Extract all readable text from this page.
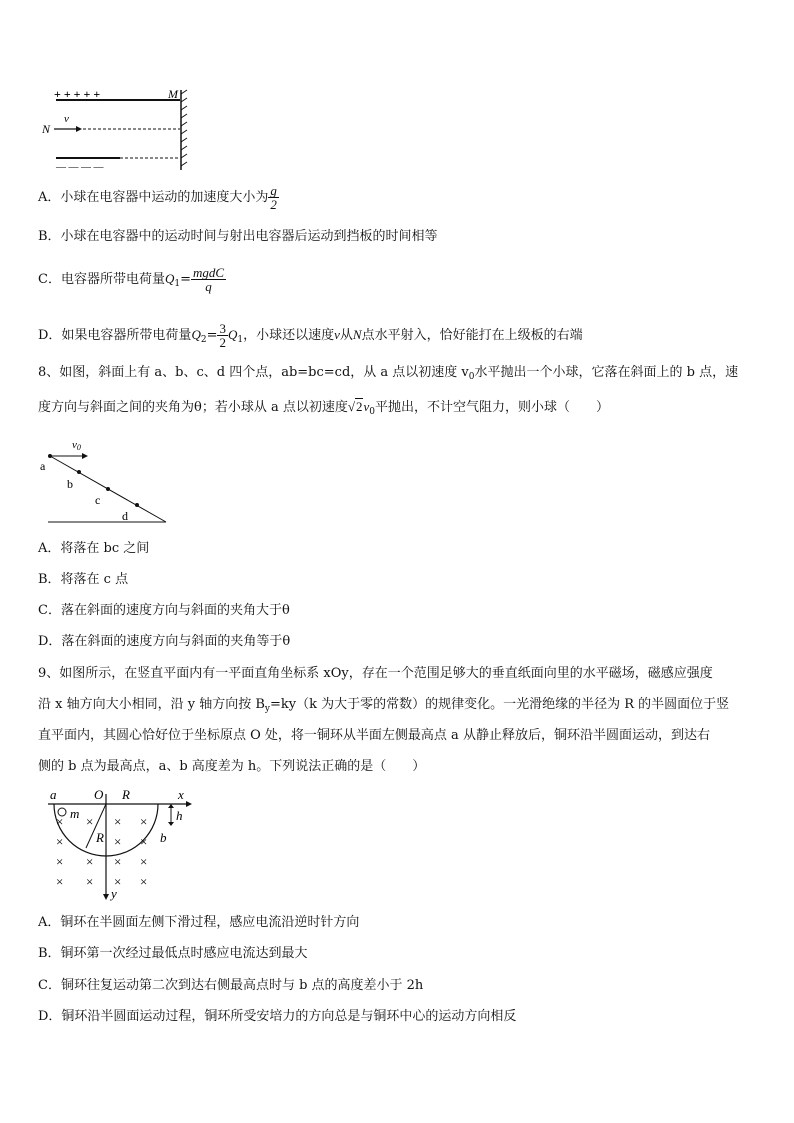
+ + + + +
— — — —
M
N
v
A．小球在电容器中运动的加速度大小为 $\frac{g}{2}$
B．小球在电容器中的运动时间与射出电容器后运动到挡板的时间相等
C．电容器所带电荷量$Q_1= \frac{\text{mgdC}}{q}$
D．如果电容器所带电荷量$Q_2= \frac{3}{2} Q_1$，小球还以速度v从N点水平射入，恰好能打在上级板的右端
8、如图，斜面上有 a、b、c、d 四个点，ab=bc=cd，从 a 点以初速度 $v_0$水平抛出一个小球，它落在斜面上的 b 点，速
度方向与斜面之间的夹角为θ；若小球从 a 点以初速度$√2v_0$平抛出，不计空气阻力，则小球（　　）
v0
a
b
c
d
A．将落在 bc 之间
B．将落在 c 点
C．落在斜面的速度方向与斜面的夹角大于θ
D．落在斜面的速度方向与斜面的夹角等于θ
9、如图所示，在竖直平面内有一平面直角坐标系 xOy，存在一个范围足够大的垂直纸面向里的水平磁场，磁感应强度
沿 x 轴方向大小相同，沿 y 轴方向按 $B_y=ky(k$ 为大于零的常数）的规律变化。一光滑绝缘的半径为 R 的半圆面位于竖
直平面内，其圆心恰好位于坐标原点 O 处，将一铜环从半面左侧最高点 a 从静止释放后，铜环沿半圆面运动，到达右
侧的 b 点为最高点，a、b 高度差为 h。下列说法正确的是（　　）
a	O R	x
h
m
R	b
y
× × × ×
×	× ×
× × × ×
× × × ×
A．铜环在半圆面左侧下滑过程，感应电流沿逆时针方向
B．铜环第一次经过最低点时感应电流达到最大
C．铜环往复运动第二次到达右侧最高点时与 b 点的高度差小于 2h
D．铜环沿半圆面运动过程，铜环所受安培力的方向总是与铜环中心的运动方向相反
